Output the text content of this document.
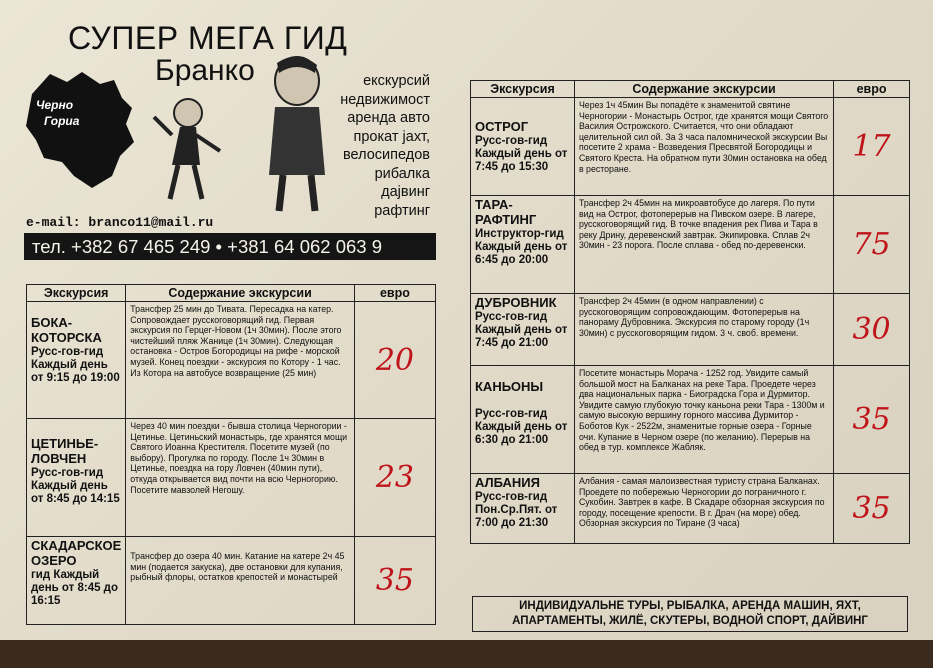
СУПЕР МЕГА ГИД
Бранко
Черно
Гориа
екскурсий
недвижимост
аренда авто
прокат јахт,
велосипедов
рибалка
дајвинг
рафтинг
e-mail: branco11@mail.ru
тел. +382 67 465 249 • +381 64 062 063 9
Экскурсия	Содержание экскурсии	евро
БОКА-КОТОРСКА
Русс-гов-гид Каждый день от 9:15 до 19:00	Трансфер 25 мин до Тивата. Пересадка на катер. Сопровождает русскоговорящий гид. Первая экскурсия по Герцег-Новом (1ч 30мин). После этого чистейший пляж Жанице (1ч 30мин). Следующая остановка - Остров Богородицы на рифе - морской музей. Конец поездки - экскурсия по Котору - 1 час. Из Котора на автобусе возвращение (25 мин)	20
ЦЕТИНЬЕ-ЛОВЧЕН
Русс-гов-гид Каждый день от 8:45 до 14:15	Через 40 мин поездки - бывша столица Черногории - Цетинье. Цетиньский монастырь, где хранятся мощи Святого Иоанна Крестителя. Посетите музей (по выбору). Прогулка по городу. После 1ч 30мин в Цетинье, поездка на гору Ловчен (40мин пути), откуда открывается вид почти на всю Черногорию. Посетите мавзолей Негошу.	23
СКАДАРСКОЕ ОЗЕРО
гид Каждый день от 8:45 до 16:15	Трансфер до озера 40 мин. Катание на катере 2ч 45 мин (подается закуска), две остановки для купания, рыбный флоры, остатков крепостей и монастырей	35
Экскурсия	Содержание экскурсии	евро
ОСТРОГ
Русс-гов-гид Каждый день от 7:45 до 15:30	Через 1ч 45мин Вы попадёте к знаменитой святине Черногории - Монастырь Острог, где хранятся мощи Святого Василия Острожского. Считается, что они обладают целительной сил ой. За 3 часа паломнической экскурсии Вы посетите 2 храма - Возведения Пресвятой Богородицы и Святого Креста. На обратном пути 30мин остановка на обед в ресторане.	17
ТАРА-РАФТИНГ
Инструктор-гид Каждый день от 6:45 до 20:00	Трансфер 2ч 45мин на микроавтобусе до лагеря. По пути вид на Острог, фотоперерыв на Пивском озере. В лагере, русскоговорящий гид. В точке впадения рек Пива и Тара в реку Дрину, деревенский завтрак. Экипировка. Сплав 2ч 30мин - 23 порога. После сплава - обед по-деревенски.	75
ДУБРОВНИК
Русс-гов-гид Каждый день от 7:45 до 21:00	Трансфер 2ч 45мин (в одном направлении) с русскоговорящим сопровождающим. Фотоперерыв на панораму Дубровника. Экскурсия по старому городу (1ч 30мин) с русскоговорящим гидом. 3 ч. своб. времени.	30
КАНЬОНЫ

Русс-гов-гид Каждый день от 6:30 до 21:00	Посетите монастырь Морача - 1252 год. Увидите самый большой мост на Балканах на реке Тара. Проедете через два национальных парка - Биоградска Гора и Дурмитор. Увидите самую глубокую точку каньона реки Тара - 1300м и самую высокую вершину горного массива Дурмитор - Боботов Кук - 2522м, знаменитые горные озера - Горные очи. Купание в Черном озере (по желанию). Перерыв на обед в тур. комплексе Жабляк.	35
АЛБАНИЯ
Русс-гов-гид Пон.Ср.Пят. от 7:00 до 21:30	Албания - самая малоизвестная туристу страна Балканах. Проедете по побережью Черногории до пограничного г. Сукобин. Завтрек в кафе. В Скадаре обзорная экскурсия по городу, посещение крепости. В г. Драч (на море) обед. Обзорная экскурсия по Тиране (3 часа)	35
ИНДИВИДУАЛЬНЕ ТУРЫ, РЫБАЛКА, АРЕНДА МАШИН, ЯХТ,
АПАРТАМЕНТЫ, ЖИЛЁ, СКУТЕРЫ, ВОДНОЙ СПОРТ, ДАЙВИНГ
